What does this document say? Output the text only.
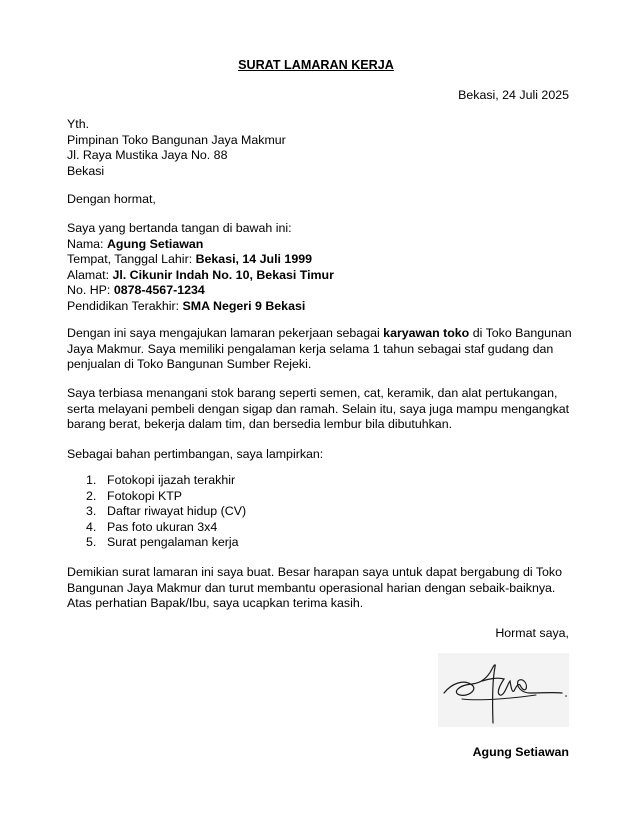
SURAT LAMARAN KERJA
Bekasi, 24 Juli 2025
Yth.
Pimpinan Toko Bangunan Jaya Makmur
Jl. Raya Mustika Jaya No. 88
Bekasi
Dengan hormat,
Saya yang bertanda tangan di bawah ini:
Nama: Agung Setiawan
Tempat, Tanggal Lahir: Bekasi, 14 Juli 1999
Alamat: Jl. Cikunir Indah No. 10, Bekasi Timur
No. HP: 0878-4567-1234
Pendidikan Terakhir: SMA Negeri 9 Bekasi
Dengan ini saya mengajukan lamaran pekerjaan sebagai karyawan toko di Toko Bangunan Jaya Makmur. Saya memiliki pengalaman kerja selama 1 tahun sebagai staf gudang dan penjualan di Toko Bangunan Sumber Rejeki.
Saya terbiasa menangani stok barang seperti semen, cat, keramik, dan alat pertukangan, serta melayani pembeli dengan sigap dan ramah. Selain itu, saya juga mampu mengangkat barang berat, bekerja dalam tim, dan bersedia lembur bila dibutuhkan.
Sebagai bahan pertimbangan, saya lampirkan:
1. Fotokopi ijazah terakhir
2. Fotokopi KTP
3. Daftar riwayat hidup (CV)
4. Pas foto ukuran 3x4
5. Surat pengalaman kerja
Demikian surat lamaran ini saya buat. Besar harapan saya untuk dapat bergabung di Toko Bangunan Jaya Makmur dan turut membantu operasional harian dengan sebaik-baiknya. Atas perhatian Bapak/Ibu, saya ucapkan terima kasih.
Hormat saya,
Agung Setiawan
